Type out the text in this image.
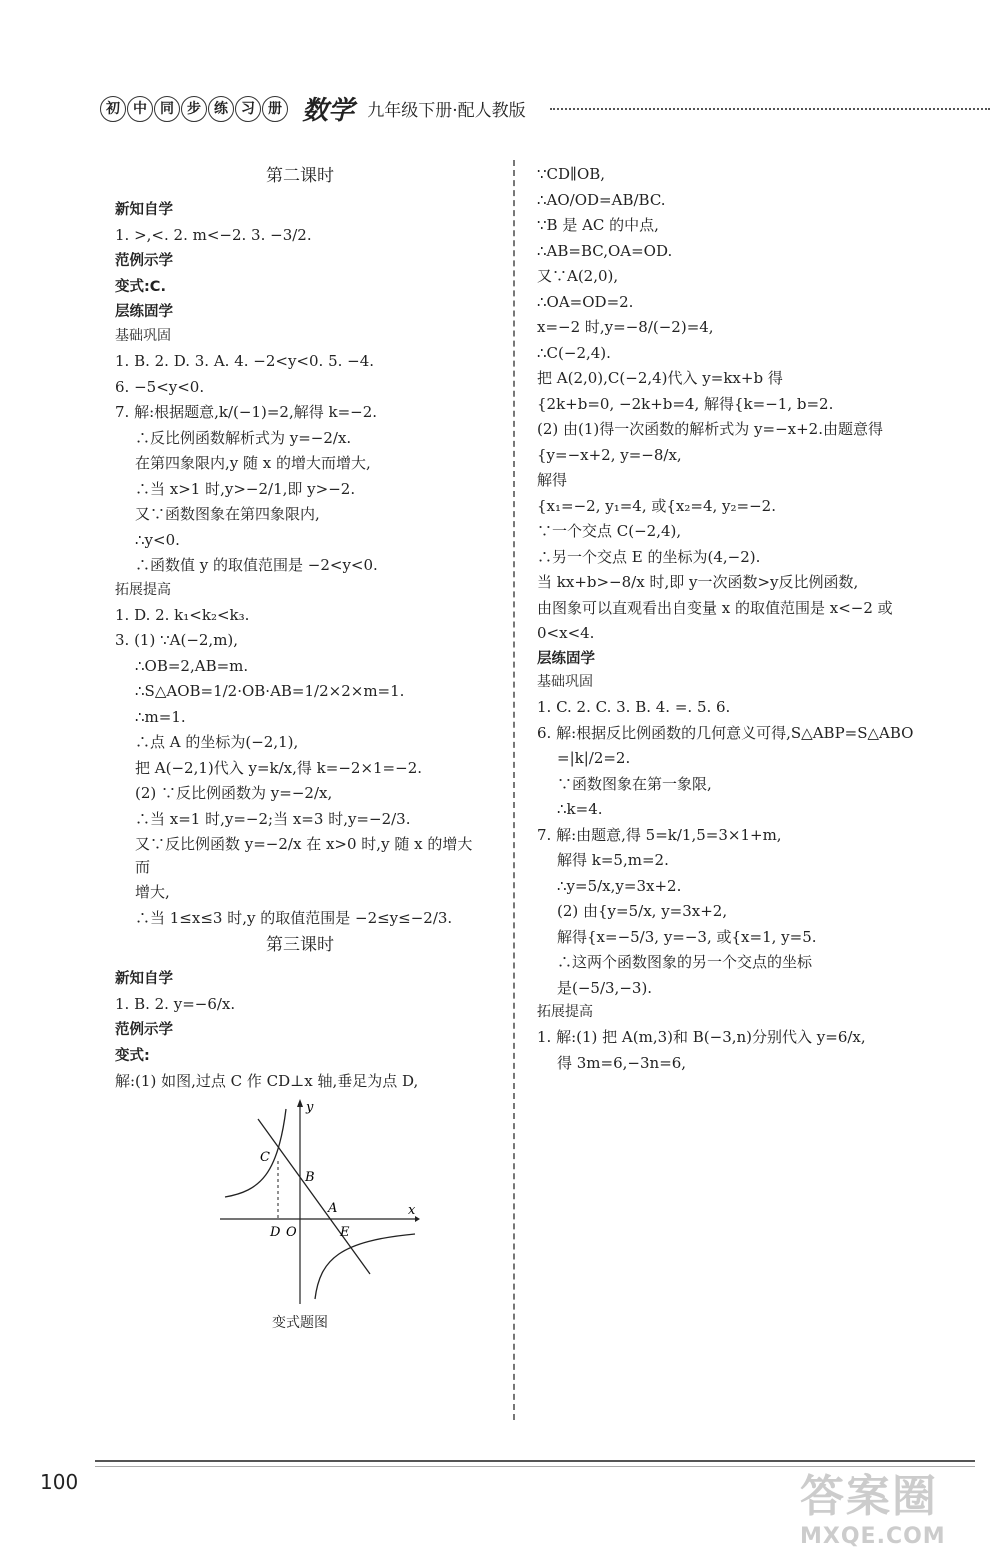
初 中 同 步 练 习 册 数学 九年级下册·配人教版
第二课时
新知自学
1. >,<. 2. m<−2. 3. −3/2.
范例示学
变式:C.
层练固学
基础巩固
1. B. 2. D. 3. A. 4. −2<y<0. 5. −4.
6. −5<y<0.
7. 解:根据题意,k/(−1)=2,解得 k=−2.
∴反比例函数解析式为 y=−2/x.
在第四象限内,y 随 x 的增大而增大,
∴当 x>1 时,y>−2/1,即 y>−2.
又∵函数图象在第四象限内,
∴y<0.
∴函数值 y 的取值范围是 −2<y<0.
拓展提高
1. D. 2. k₁<k₂<k₃.
3. (1) ∵A(−2,m),
∴OB=2,AB=m.
∴S△AOB=1/2·OB·AB=1/2×2×m=1.
∴m=1.
∴点 A 的坐标为(−2,1),
把 A(−2,1)代入 y=k/x,得 k=−2×1=−2.
(2) ∵反比例函数为 y=−2/x,
∴当 x=1 时,y=−2;当 x=3 时,y=−2/3.
又∵反比例函数 y=−2/x 在 x>0 时,y 随 x 的增大而
增大,
∴当 1≤x≤3 时,y 的取值范围是 −2≤y≤−2/3.
第三课时
新知自学
1. B. 2. y=−6/x.
范例示学
变式:
解:(1) 如图,过点 C 作 CD⊥x 轴,垂足为点 D,
C
B
A
D O	E
y
x
变式题图
∵CD∥OB,
∴AO/OD=AB/BC.
∵B 是 AC 的中点,
∴AB=BC,OA=OD.
又∵A(2,0),
∴OA=OD=2.
x=−2 时,y=−8/(−2)=4,
∴C(−2,4).
把 A(2,0),C(−2,4)代入 y=kx+b 得
{2k+b=0, −2k+b=4, 解得{k=−1, b=2.
(2) 由(1)得一次函数的解析式为 y=−x+2.由题意得
{y=−x+2, y=−8/x,
解得
{x₁=−2, y₁=4, 或{x₂=4, y₂=−2.
∵一个交点 C(−2,4),
∴另一个交点 E 的坐标为(4,−2).
当 kx+b>−8/x 时,即 y一次函数>y反比例函数,
由图象可以直观看出自变量 x 的取值范围是 x<−2 或
0<x<4.
层练固学
基础巩固
1. C. 2. C. 3. B. 4. =. 5. 6.
6. 解:根据反比例函数的几何意义可得,S△ABP=S△ABO
=|k|/2=2.
∵函数图象在第一象限,
∴k=4.
7. 解:由题意,得 5=k/1,5=3×1+m,
解得 k=5,m=2.
∴y=5/x,y=3x+2.
(2) 由{y=5/x, y=3x+2,
解得{x=−5/3, y=−3, 或{x=1, y=5.
∴这两个函数图象的另一个交点的坐标
是(−5/3,−3).
拓展提高
1. 解:(1) 把 A(m,3)和 B(−3,n)分别代入 y=6/x,
得 3m=6,−3n=6,
100	答案圈
MXQE.COM
